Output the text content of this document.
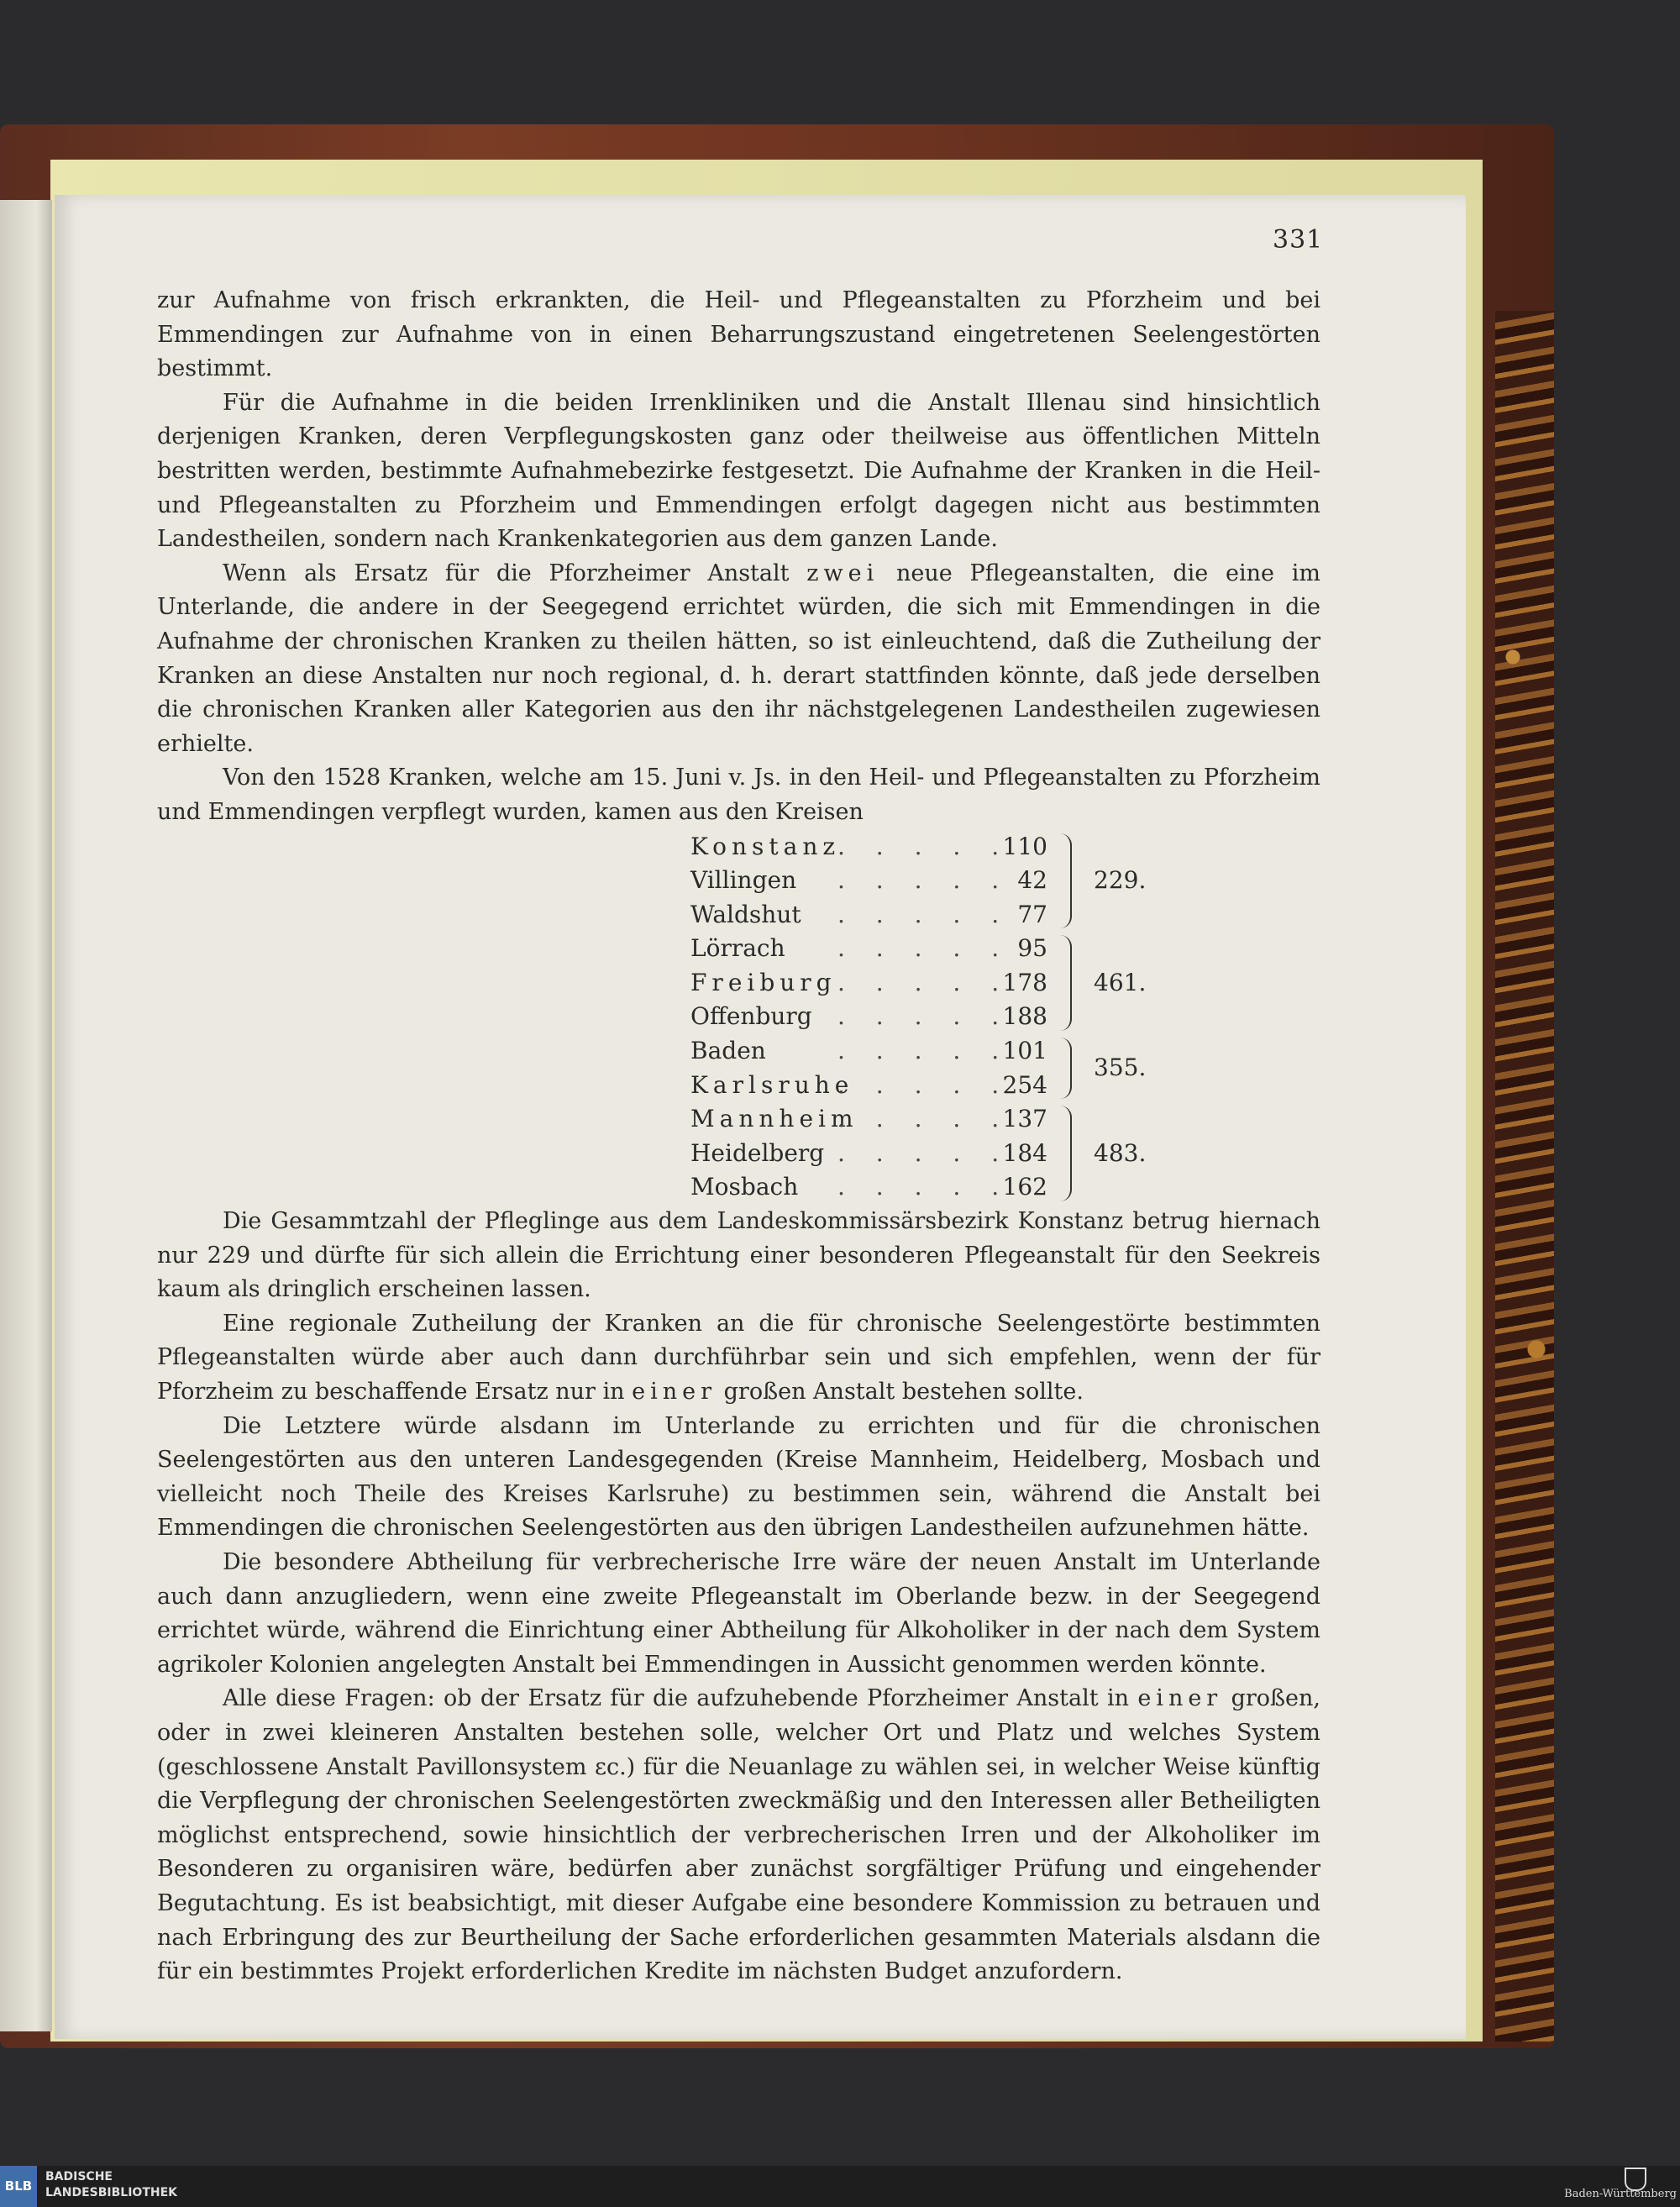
331

zur Aufnahme von frisch erkrankten, die Heil- und Pflegeanstalten zu Pforzheim und bei Emmendingen zur Aufnahme von in einen Beharrungszustand eingetretenen Seelengestörten bestimmt.

Für die Aufnahme in die beiden Irrenkliniken und die Anstalt Illenau sind hinsichtlich derjenigen Kranken, deren Verpflegungskosten ganz oder theilweise aus öffentlichen Mitteln bestritten werden, bestimmte Aufnahmebezirke festgesetzt. Die Aufnahme der Kranken in die Heil- und Pflegeanstalten zu Pforzheim und Emmendingen erfolgt dagegen nicht aus bestimmten Landestheilen, sondern nach Krankenkategorien aus dem ganzen Lande.

Wenn als Ersatz für die Pforzheimer Anstalt zwei neue Pflegeanstalten, die eine im Unterlande, die andere in der Seegegend errichtet würden, die sich mit Emmendingen in die Aufnahme der chronischen Kranken zu theilen hätten, so ist einleuchtend, daß die Zutheilung der Kranken an diese Anstalten nur noch regional, d. h. derart stattfinden könnte, daß jede derselben die chronischen Kranken aller Kategorien aus den ihr nächstgelegenen Landestheilen zugewiesen erhielte.

Von den 1528 Kranken, welche am 15. Juni v. Js. in den Heil- und Pflegeanstalten zu Pforzheim und Emmendingen verpflegt wurden, kamen aus den Kreisen

Konstanz
. . . . .
110
Villingen . . . . . 42
Waldshut . . . . . 77
229.
Lörrach . . . . . 95
Freiburg . . . . .
178
Offenburg . . . . .
188
461.
Baden	. . . . .
101
Karlsruhe
. . . . .
254
355.
Mannheim
. . . . .
137
Heidelberg . . . . .
184
Mosbach . . . . .
162
483.

Die Gesammtzahl der Pfleglinge aus dem Landeskommissärsbezirk Konstanz betrug hiernach nur 229 und dürfte für sich allein die Errichtung einer besonderen Pflegeanstalt für den Seekreis kaum als dringlich erscheinen lassen.

Eine regionale Zutheilung der Kranken an die für chronische Seelengestörte bestimmten Pflegeanstalten würde aber auch dann durchführbar sein und sich empfehlen, wenn der für Pforzheim zu beschaffende Ersatz nur in einer großen Anstalt bestehen sollte.

Die Letztere würde alsdann im Unterlande zu errichten und für die chronischen Seelengestörten aus den unteren Landesgegenden (Kreise Mannheim, Heidelberg, Mosbach und vielleicht noch Theile des Kreises Karlsruhe) zu bestimmen sein, während die Anstalt bei Emmendingen die chronischen Seelengestörten aus den übrigen Landestheilen aufzunehmen hätte.

Die besondere Abtheilung für verbrecherische Irre wäre der neuen Anstalt im Unterlande auch dann anzugliedern, wenn eine zweite Pflegeanstalt im Oberlande bezw. in der Seegegend errichtet würde, während die Einrichtung einer Abtheilung für Alkoholiker in der nach dem System agrikoler Kolonien angelegten Anstalt bei Emmendingen in Aussicht genommen werden könnte.

Alle diese Fragen: ob der Ersatz für die aufzuhebende Pforzheimer Anstalt in einer großen, oder in zwei kleineren Anstalten bestehen solle, welcher Ort und Platz und welches System (geschlossene Anstalt Pavillonsystem ɛc.) für die Neuanlage zu wählen sei, in welcher Weise künftig die Verpflegung der chronischen Seelengestörten zweckmäßig und den Interessen aller Betheiligten möglichst entsprechend, sowie hinsichtlich der verbrecherischen Irren und der Alkoholiker im Besonderen zu organisiren wäre, bedürfen aber zunächst sorgfältiger Prüfung und eingehender Begutachtung. Es ist beabsichtigt, mit dieser Aufgabe eine besondere Kommission zu betrauen und nach Erbringung des zur Beurtheilung der Sache erforderlichen gesammten Materials alsdann die für ein bestimmtes Projekt erforderlichen Kredite im nächsten Budget anzufordern.

BLB
BADISCHE
LANDESBIBLIOTHEK	Baden-Württemberg
